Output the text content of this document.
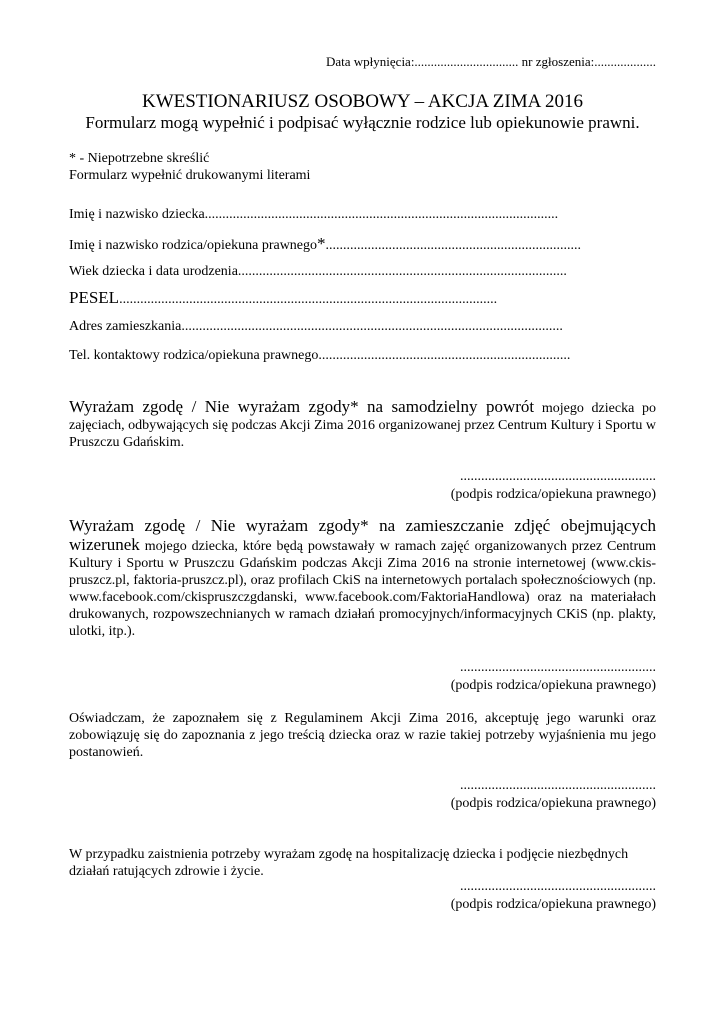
Data wpłynięcia:................................ nr zgłoszenia:...................

KWESTIONARIUSZ OSOBOWY – AKCJA ZIMA 2016

Formularz mogą wypełnić i podpisać wyłącznie rodzice lub opiekunowie prawni.

* - Niepotrzebne skreślić

Formularz wypełnić drukowanymi literami

Imię i nazwisko dziecka.....................................................................................................
Imię i nazwisko rodzica/opiekuna prawnego*.........................................................................
Wiek dziecka i data urodzenia..............................................................................................
PESEL............................................................................................................
Adres zamieszkania.............................................................................................................
Tel. kontaktowy rodzica/opiekuna prawnego........................................................................

Wyrażam zgodę / Nie wyrażam zgody* na samodzielny powrót mojego dziecka po zajęciach, odbywających się podczas Akcji Zima 2016 organizowanej przez Centrum Kultury i Sportu w Pruszczu Gdańskim.

........................................................
(podpis rodzica/opiekuna prawnego)

Wyrażam zgodę / Nie wyrażam zgody* na zamieszczanie zdjęć obejmujących wizerunek mojego dziecka, które będą powstawały w ramach zajęć organizowanych przez Centrum Kultury i Sportu w Pruszczu Gdańskim podczas Akcji Zima 2016 na stronie internetowej (www.ckis-pruszcz.pl, faktoria-pruszcz.pl), oraz profilach CkiS na internetowych portalach społecznościowych (np. www.facebook.com/ckispruszczgdanski, www.facebook.com/FaktoriaHandlowa) oraz na materiałach drukowanych, rozpowszechnianych w ramach działań promocyjnych/informacyjnych CKiS (np. plakty, ulotki, itp.).

........................................................
(podpis rodzica/opiekuna prawnego)

Oświadczam, że zapoznałem się z Regulaminem Akcji Zima 2016, akceptuję jego warunki oraz zobowiązuję się do zapoznania z jego treścią dziecka oraz w razie takiej potrzeby wyjaśnienia mu jego postanowień.

........................................................
(podpis rodzica/opiekuna prawnego)

W przypadku zaistnienia potrzeby wyrażam zgodę na hospitalizację dziecka i podjęcie niezbędnych działań ratujących zdrowie i życie.

........................................................
(podpis rodzica/opiekuna prawnego)
